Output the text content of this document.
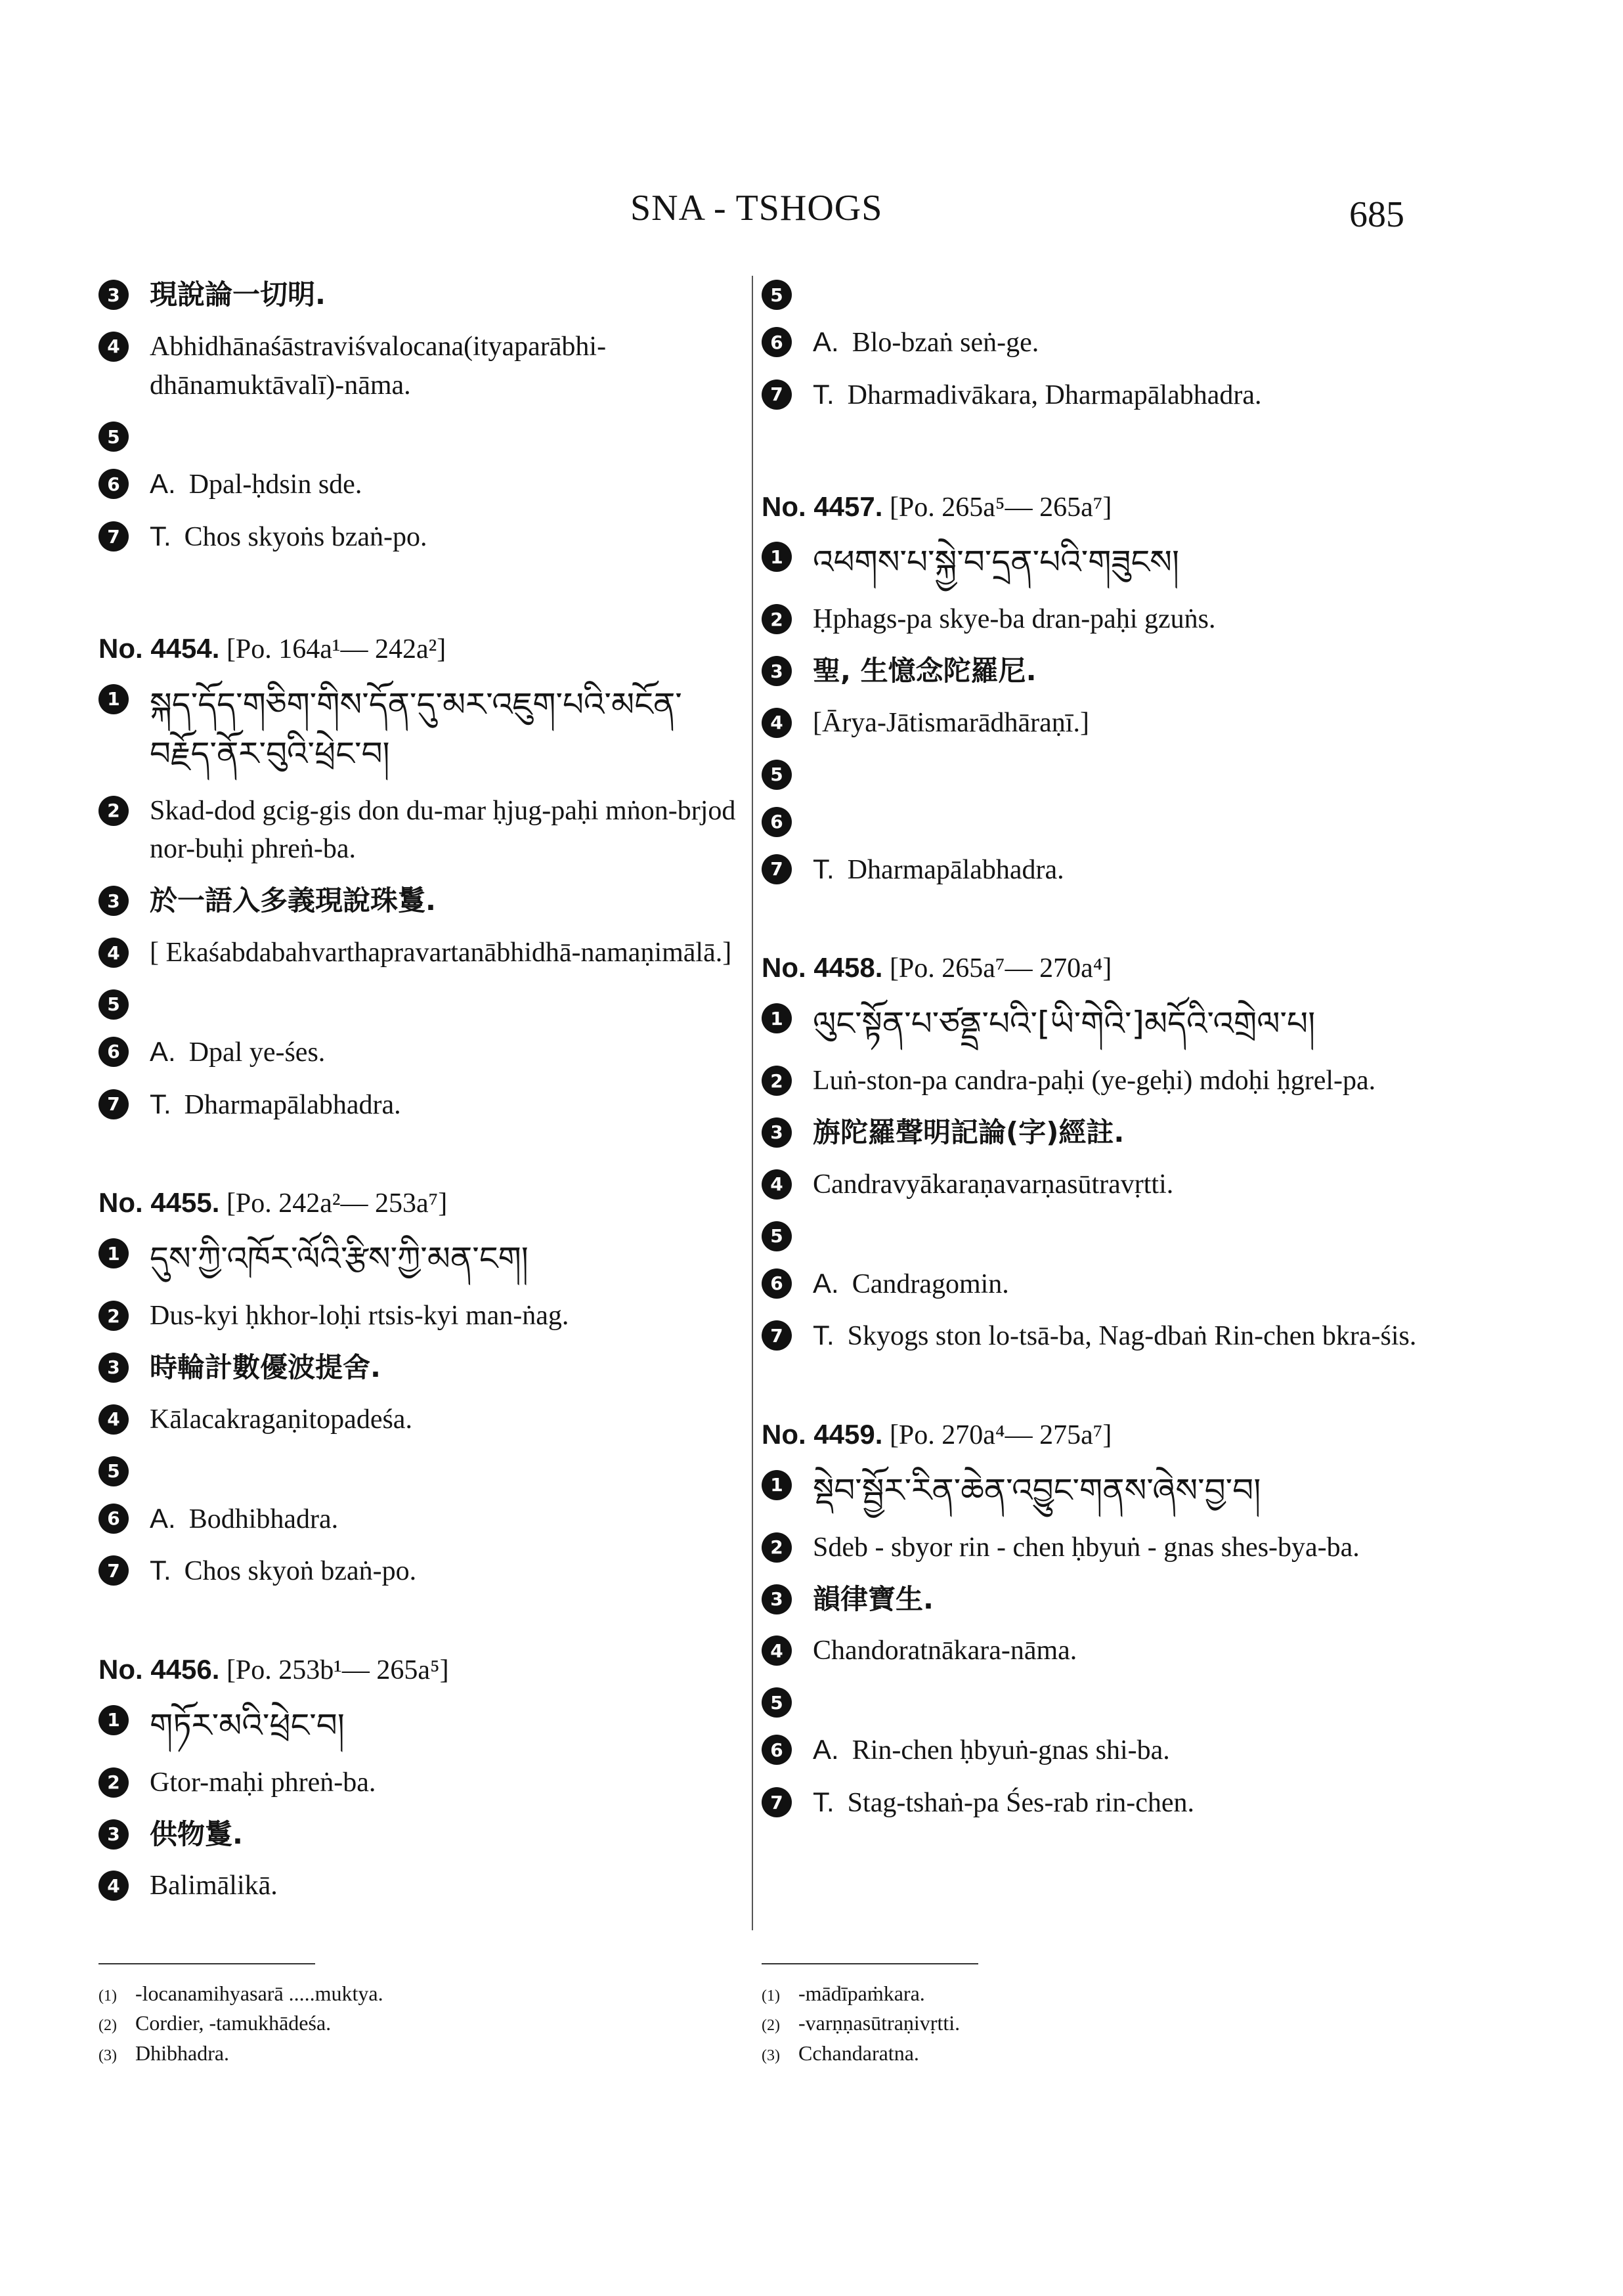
SNA - TSHOGS	685
3	現說論一切明.
4	Abhidhānaśāstraviśvalocana(ityaparābhi-dhānamuktāvalī)-nāma.
5
6	A. Dpal-ḥdsin sde.
7	T. Chos skyoṅs bzaṅ-po.
No. 4454. [Po. 164a¹— 242a²]
1 སྐད་དོད་གཅིག་གིས་དོན་དུ་མར་འཇུག་པའི་མངོན་བརྗོད་ནོར་བུའི་ཕྲེང་བ།
2	Skad-dod gcig-gis don du-mar ḥjug-paḥi mṅon-brjod nor-buḥi phreṅ-ba.
3	於一語入多義現說珠鬘.
4	[ Ekaśabdabahvarthapravartanābhidhā-namaṇimālā.]
5
6	A. Dpal ye-śes.
7	T. Dharmapālabhadra.
No. 4455. [Po. 242a²— 253a⁷]
1 དུས་ཀྱི་འཁོར་ལོའི་རྩིས་ཀྱི་མན་ངག།
2	Dus-kyi ḥkhor-loḥi rtsis-kyi man-ṅag.
3	時輪計數優波提舍.
4	Kālacakragaṇitopadeśa.
5
6	A. Bodhibhadra.
7	T. Chos skyoṅ bzaṅ-po.
No. 4456. [Po. 253b¹— 265a⁵]
1 གཏོར་མའི་ཕྲེང་བ།
2	Gtor-maḥi phreṅ-ba.
3	供物鬘.
4	Balimālikā.
5
6	A. Blo-bzaṅ seṅ-ge.
7	T. Dharmadivākara, Dharmapālabhadra.
No. 4457. [Po. 265a⁵— 265a⁷]
1 འཕགས་པ་སྐྱེ་བ་དྲན་པའི་གཟུངས།
2	Ḥphags-pa skye-ba dran-paḥi gzuṅs.
3	聖, 生憶念陀羅尼.
4	[Ārya-Jātismarādhāraṇī.]
5
6
7	T. Dharmapālabhadra.
No. 4458. [Po. 265a⁷— 270a⁴]
1 ལུང་སྟོན་པ་ཙནྡྲ་པའི་[ཡི་གེའི་]མདོའི་འགྲེལ་པ།
2	Luṅ-ston-pa candra-paḥi (ye-geḥi) mdoḥi ḥgrel-pa.
3	旃陀羅聲明記論(字)經註.
4	Candravyākaraṇavarṇasūtravṛtti.
5
6	A. Candragomin.
7	T. Skyogs ston lo-tsā-ba, Nag-dbaṅ Rin-chen bkra-śis.
No. 4459. [Po. 270a⁴— 275a⁷]
1 སྡེབ་སྦྱོར་རིན་ཆེན་འབྱུང་གནས་ཞེས་བྱ་བ།
2	Sdeb - sbyor rin - chen ḥbyuṅ - gnas shes-bya-ba.
3	韻律寶生.
4	Chandoratnākara-nāma.
5
6	A. Rin-chen ḥbyuṅ-gnas shi-ba.
7	T. Stag-tshaṅ-pa Śes-rab rin-chen.
(1) -locanamihyasarā .....muktya.
(2) Cordier, -tamukhādeśa.
(3) Dhibhadra.
(1) -mādīpaṁkara.
(2) -varṇṇasūtraṇivṛtti.
(3) Cchandaratna.
